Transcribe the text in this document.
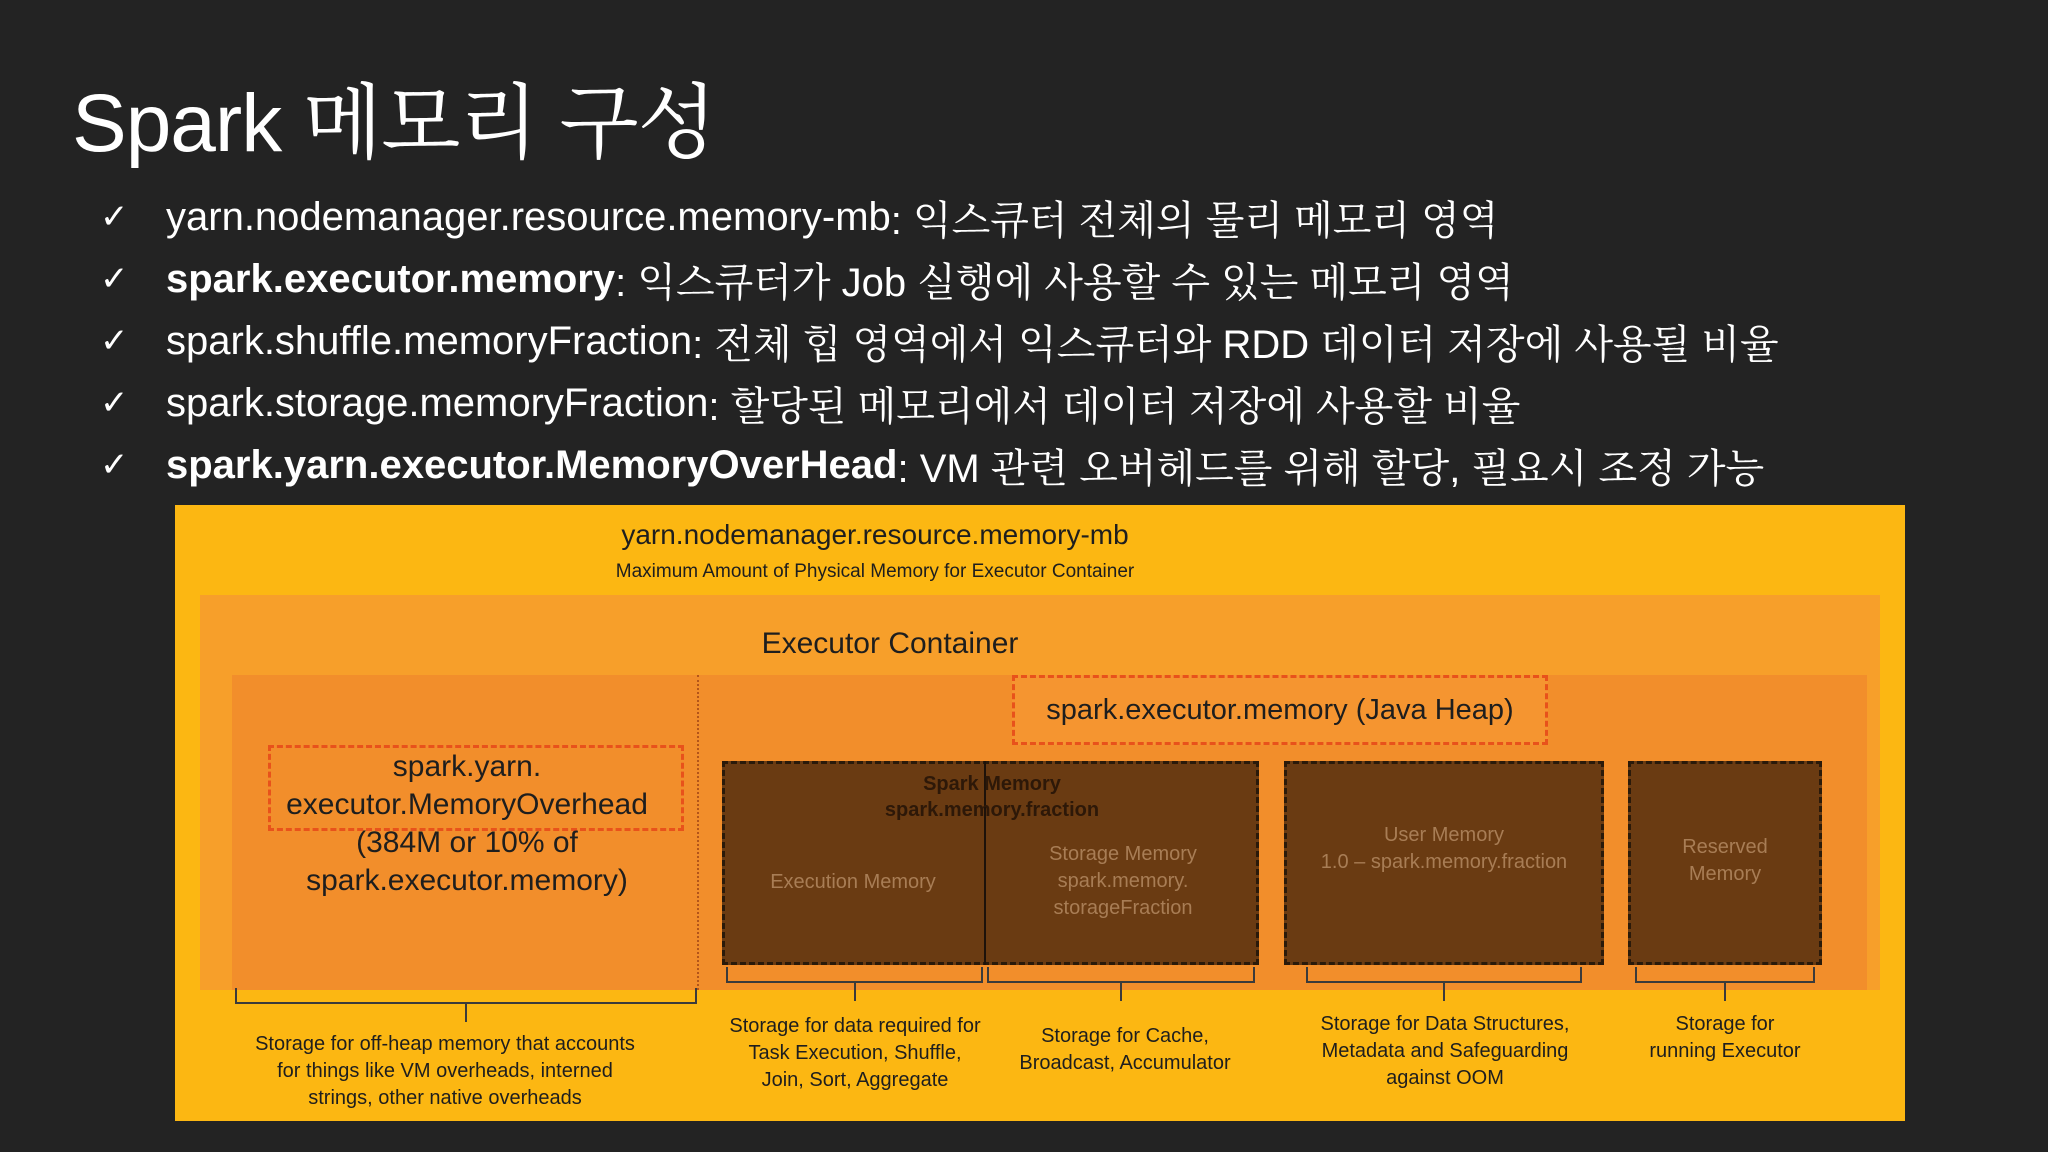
Spark 메모리 구성
✓ yarn.nodemanager.resource.memory-mb : 익스큐터 전체의 물리 메모리 영역
✓ spark.executor.memory : 익스큐터가 Job 실행에 사용할 수 있는 메모리 영역
✓ spark.shuffle.memoryFraction : 전체 힙 영역에서 익스큐터와 RDD 데이터 저장에 사용될 비율
✓ spark.storage.memoryFraction : 할당된 메모리에서 데이터 저장에 사용할 비율
✓ spark.yarn.executor.MemoryOverHead : VM 관련 오버헤드를 위해 할당, 필요시 조정 가능
yarn.nodemanager.resource.memory-mb
Maximum Amount of Physical Memory for Executor Container
Executor Container
spark.executor.memory (Java Heap)
spark.yarn.
executor.MemoryOverhead
(384M or 10% of
spark.executor.memory)
Spark Memory
spark.memory.fraction
Execution Memory
Storage Memory
spark.memory.
storageFraction
User Memory
1.0 – spark.memory.fraction
Reserved
Memory
Storage for off-heap memory that accounts
for things like VM overheads, interned
strings, other native overheads
Storage for data required for
Task Execution, Shuffle,
Join, Sort, Aggregate
Storage for Cache,
Broadcast, Accumulator
Storage for Data Structures,
Metadata and Safeguarding
against OOM
Storage for
running Executor
